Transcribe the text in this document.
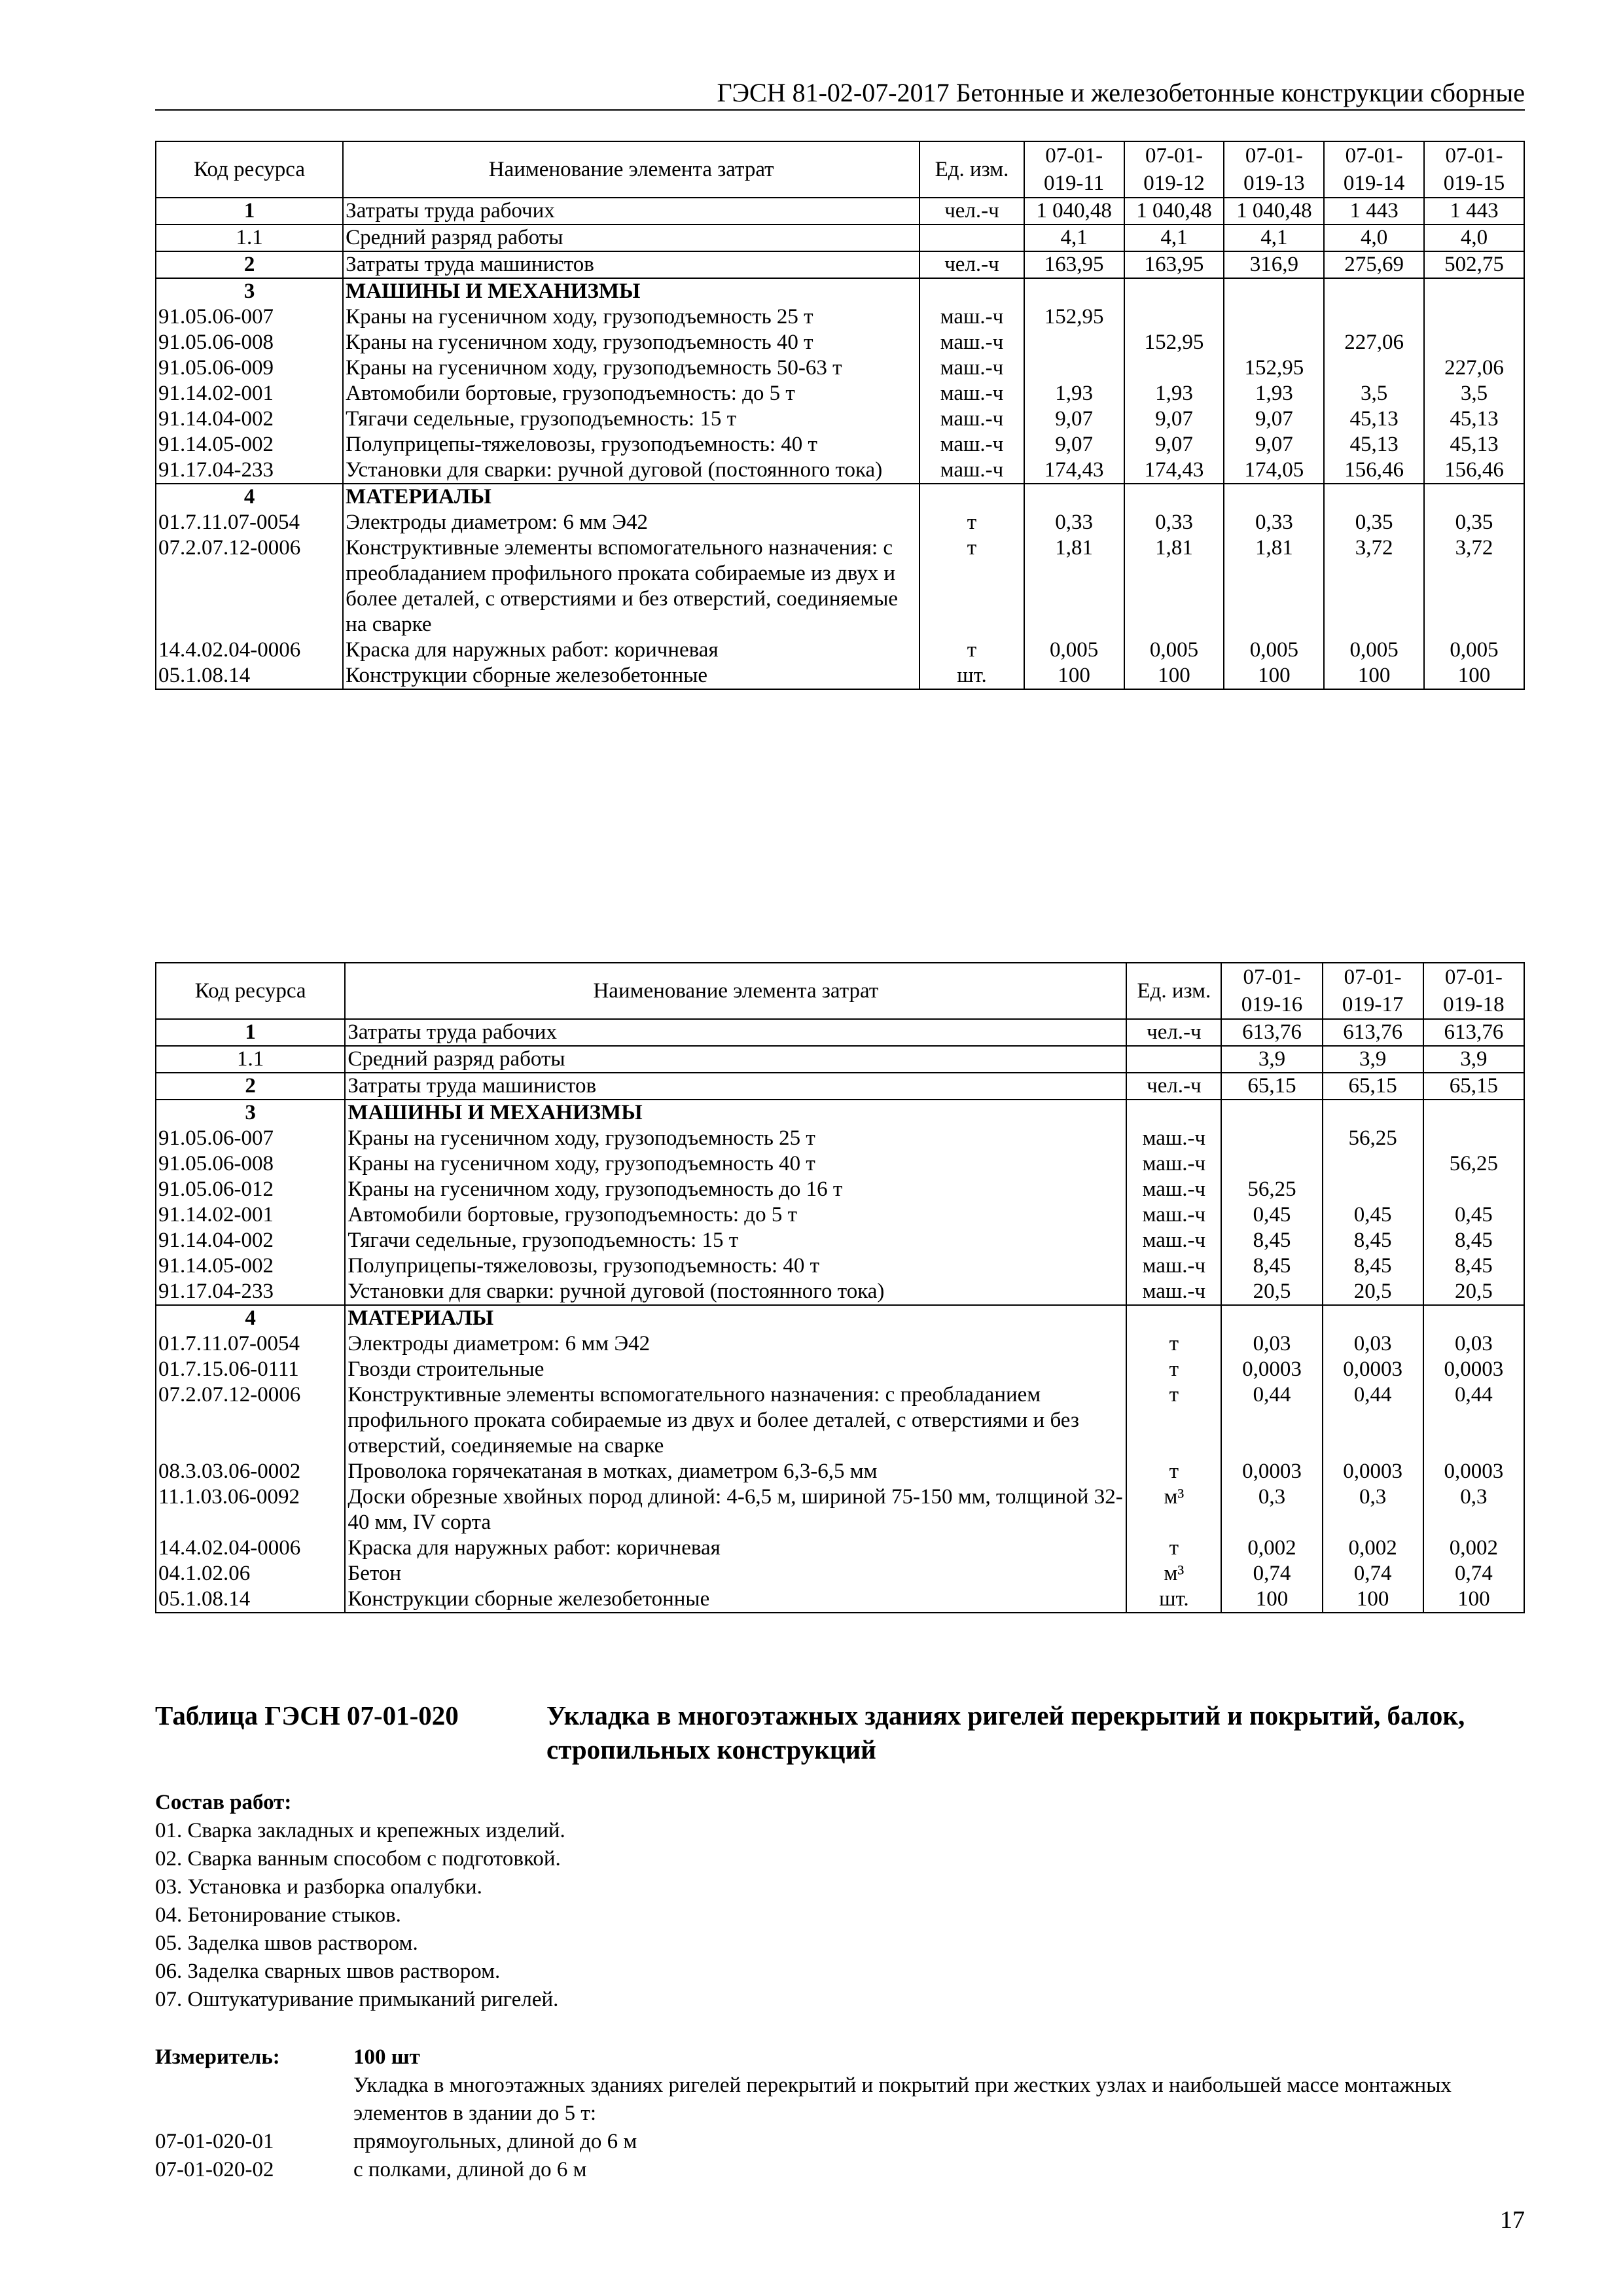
ГЭСН 81-02-07-2017 Бетонные и железобетонные конструкции сборные
Код ресурса	Наименование элемента затрат	Ед. изм.	07-01-019-11	07-01-019-12	07-01-019-13	07-01-019-14	07-01-019-15
1	Затраты труда рабочих	чел.-ч	1 040,48	1 040,48	1 040,48	1 443	1 443
1.1	Средний разряд работы		4,1	4,1	4,1	4,0	4,0
2	Затраты труда машинистов	чел.-ч	163,95	163,95	316,9	275,69	502,75
3	МАШИНЫ И МЕХАНИЗМЫ						
91.05.06-007	Краны на гусеничном ходу, грузоподъемность 25 т	маш.-ч	152,95				
91.05.06-008	Краны на гусеничном ходу, грузоподъемность 40 т	маш.-ч		152,95		227,06	
91.05.06-009	Краны на гусеничном ходу, грузоподъемность 50-63 т	маш.-ч			152,95		227,06
91.14.02-001	Автомобили бортовые, грузоподъемность: до 5 т	маш.-ч	1,93	1,93	1,93	3,5	3,5
91.14.04-002	Тягачи седельные, грузоподъемность: 15 т	маш.-ч	9,07	9,07	9,07	45,13	45,13
91.14.05-002	Полуприцепы-тяжеловозы, грузоподъемность: 40 т	маш.-ч	9,07	9,07	9,07	45,13	45,13
91.17.04-233	Установки для сварки: ручной дуговой (постоянного тока)	маш.-ч	174,43	174,43	174,05	156,46	156,46
4	МАТЕРИАЛЫ						
01.7.11.07-0054	Электроды диаметром: 6 мм Э42	т	0,33	0,33	0,33	0,35	0,35
07.2.07.12-0006	Конструктивные элементы вспомогательного назначения: с преобладанием профильного проката собираемые из двух и более деталей, с отверстиями и без отверстий, соединяемые на сварке	т	1,81	1,81	1,81	3,72	3,72
14.4.02.04-0006	Краска для наружных работ: коричневая	т	0,005	0,005	0,005	0,005	0,005
05.1.08.14	Конструкции сборные железобетонные	шт.	100	100	100	100	100
Код ресурса	Наименование элемента затрат	Ед. изм.	07-01-019-16	07-01-019-17	07-01-019-18
1	Затраты труда рабочих	чел.-ч	613,76	613,76	613,76
1.1	Средний разряд работы		3,9	3,9	3,9
2	Затраты труда машинистов	чел.-ч	65,15	65,15	65,15
3	МАШИНЫ И МЕХАНИЗМЫ				
91.05.06-007	Краны на гусеничном ходу, грузоподъемность 25 т	маш.-ч		56,25	
91.05.06-008	Краны на гусеничном ходу, грузоподъемность 40 т	маш.-ч			56,25
91.05.06-012	Краны на гусеничном ходу, грузоподъемность до 16 т	маш.-ч	56,25		
91.14.02-001	Автомобили бортовые, грузоподъемность: до 5 т	маш.-ч	0,45	0,45	0,45
91.14.04-002	Тягачи седельные, грузоподъемность: 15 т	маш.-ч	8,45	8,45	8,45
91.14.05-002	Полуприцепы-тяжеловозы, грузоподъемность: 40 т	маш.-ч	8,45	8,45	8,45
91.17.04-233	Установки для сварки: ручной дуговой (постоянного тока)	маш.-ч	20,5	20,5	20,5
4	МАТЕРИАЛЫ				
01.7.11.07-0054	Электроды диаметром: 6 мм Э42	т	0,03	0,03	0,03
01.7.15.06-0111	Гвозди строительные	т	0,0003	0,0003	0,0003
07.2.07.12-0006	Конструктивные элементы вспомогательного назначения: с преобладанием профильного проката собираемые из двух и более деталей, с отверстиями и без отверстий, соединяемые на сварке	т	0,44	0,44	0,44
08.3.03.06-0002	Проволока горячекатаная в мотках, диаметром 6,3-6,5 мм	т	0,0003	0,0003	0,0003
11.1.03.06-0092	Доски обрезные хвойных пород длиной: 4-6,5 м, шириной 75-150 мм, толщиной 32-40 мм, IV сорта	м³	0,3	0,3	0,3
14.4.02.04-0006	Краска для наружных работ: коричневая	т	0,002	0,002	0,002
04.1.02.06	Бетон	м³	0,74	0,74	0,74
05.1.08.14	Конструкции сборные железобетонные	шт.	100	100	100
Таблица ГЭСН 07-01-020	Укладка в многоэтажных зданиях ригелей перекрытий и покрытий, балок, стропильных конструкций
Состав работ:
01. Сварка закладных и крепежных изделий.
02. Сварка ванным способом с подготовкой.
03. Установка и разборка опалубки.
04. Бетонирование стыков.
05. Заделка швов раствором.
06. Заделка сварных швов раствором.
07. Оштукатуривание примыканий ригелей.
Измеритель:	100 шт
Укладка в многоэтажных зданиях ригелей перекрытий и покрытий при жестких узлах и наибольшей массе монтажных элементов в здании до 5 т:
07-01-020-01	прямоугольных, длиной до 6 м
07-01-020-02	с полками, длиной до 6 м
17
